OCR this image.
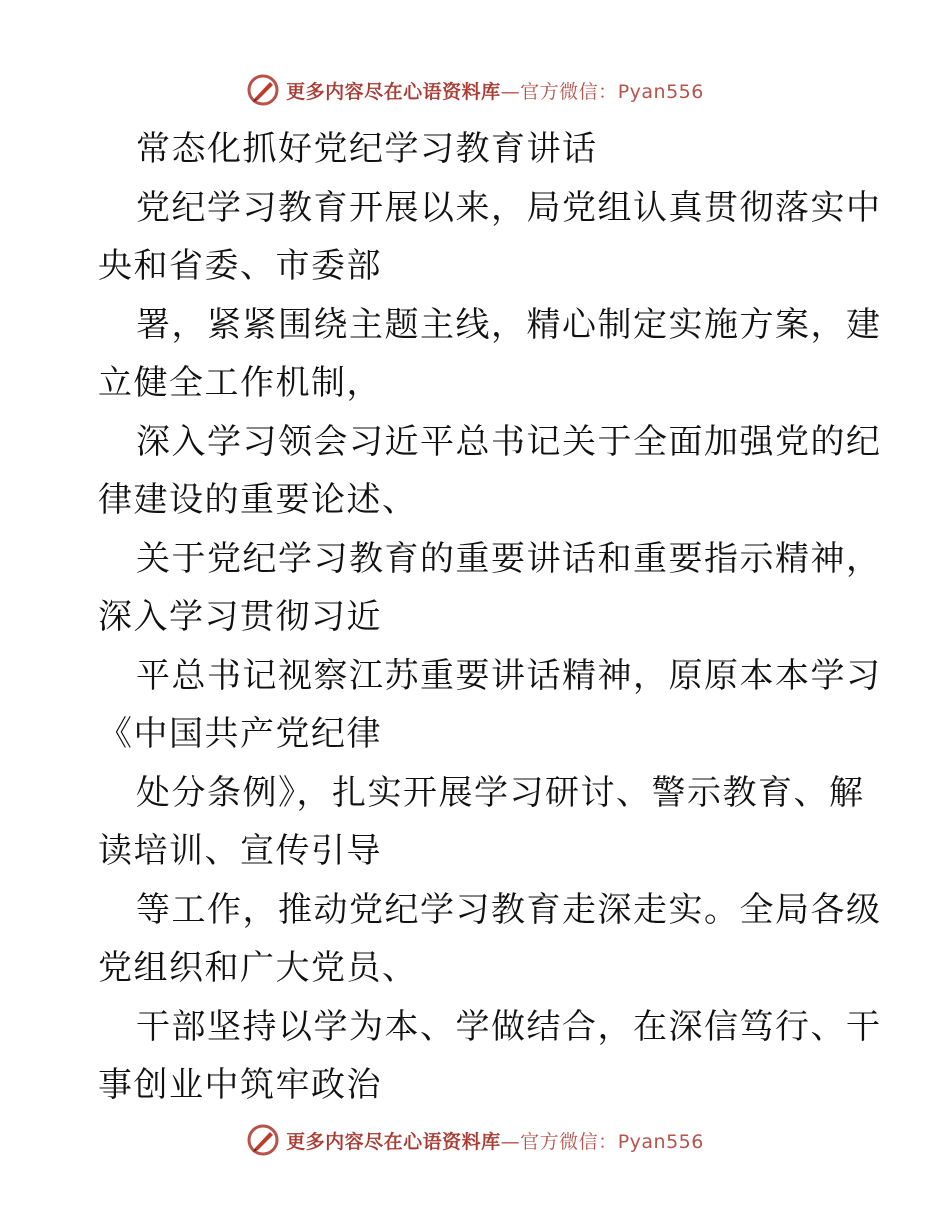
更多内容尽在心语资料库—官方微信：Pyan556
常态化抓好党纪学习教育讲话
党纪学习教育开展以来，局党组认真贯彻落实中
央和省委、市委部
署，紧紧围绕主题主线，精心制定实施方案，建
立健全工作机制，
深入学习领会习近平总书记关于全面加强党的纪
律建设的重要论述、
关于党纪学习教育的重要讲话和重要指示精神，
深入学习贯彻习近
平总书记视察江苏重要讲话精神，原原本本学习
《中国共产党纪律
处分条例》，扎实开展学习研讨、警示教育、解
读培训、宣传引导
等工作，推动党纪学习教育走深走实。全局各级
党组织和广大党员、
干部坚持以学为本、学做结合，在深信笃行、干
事创业中筑牢政治
更多内容尽在心语资料库—官方微信：Pyan556
